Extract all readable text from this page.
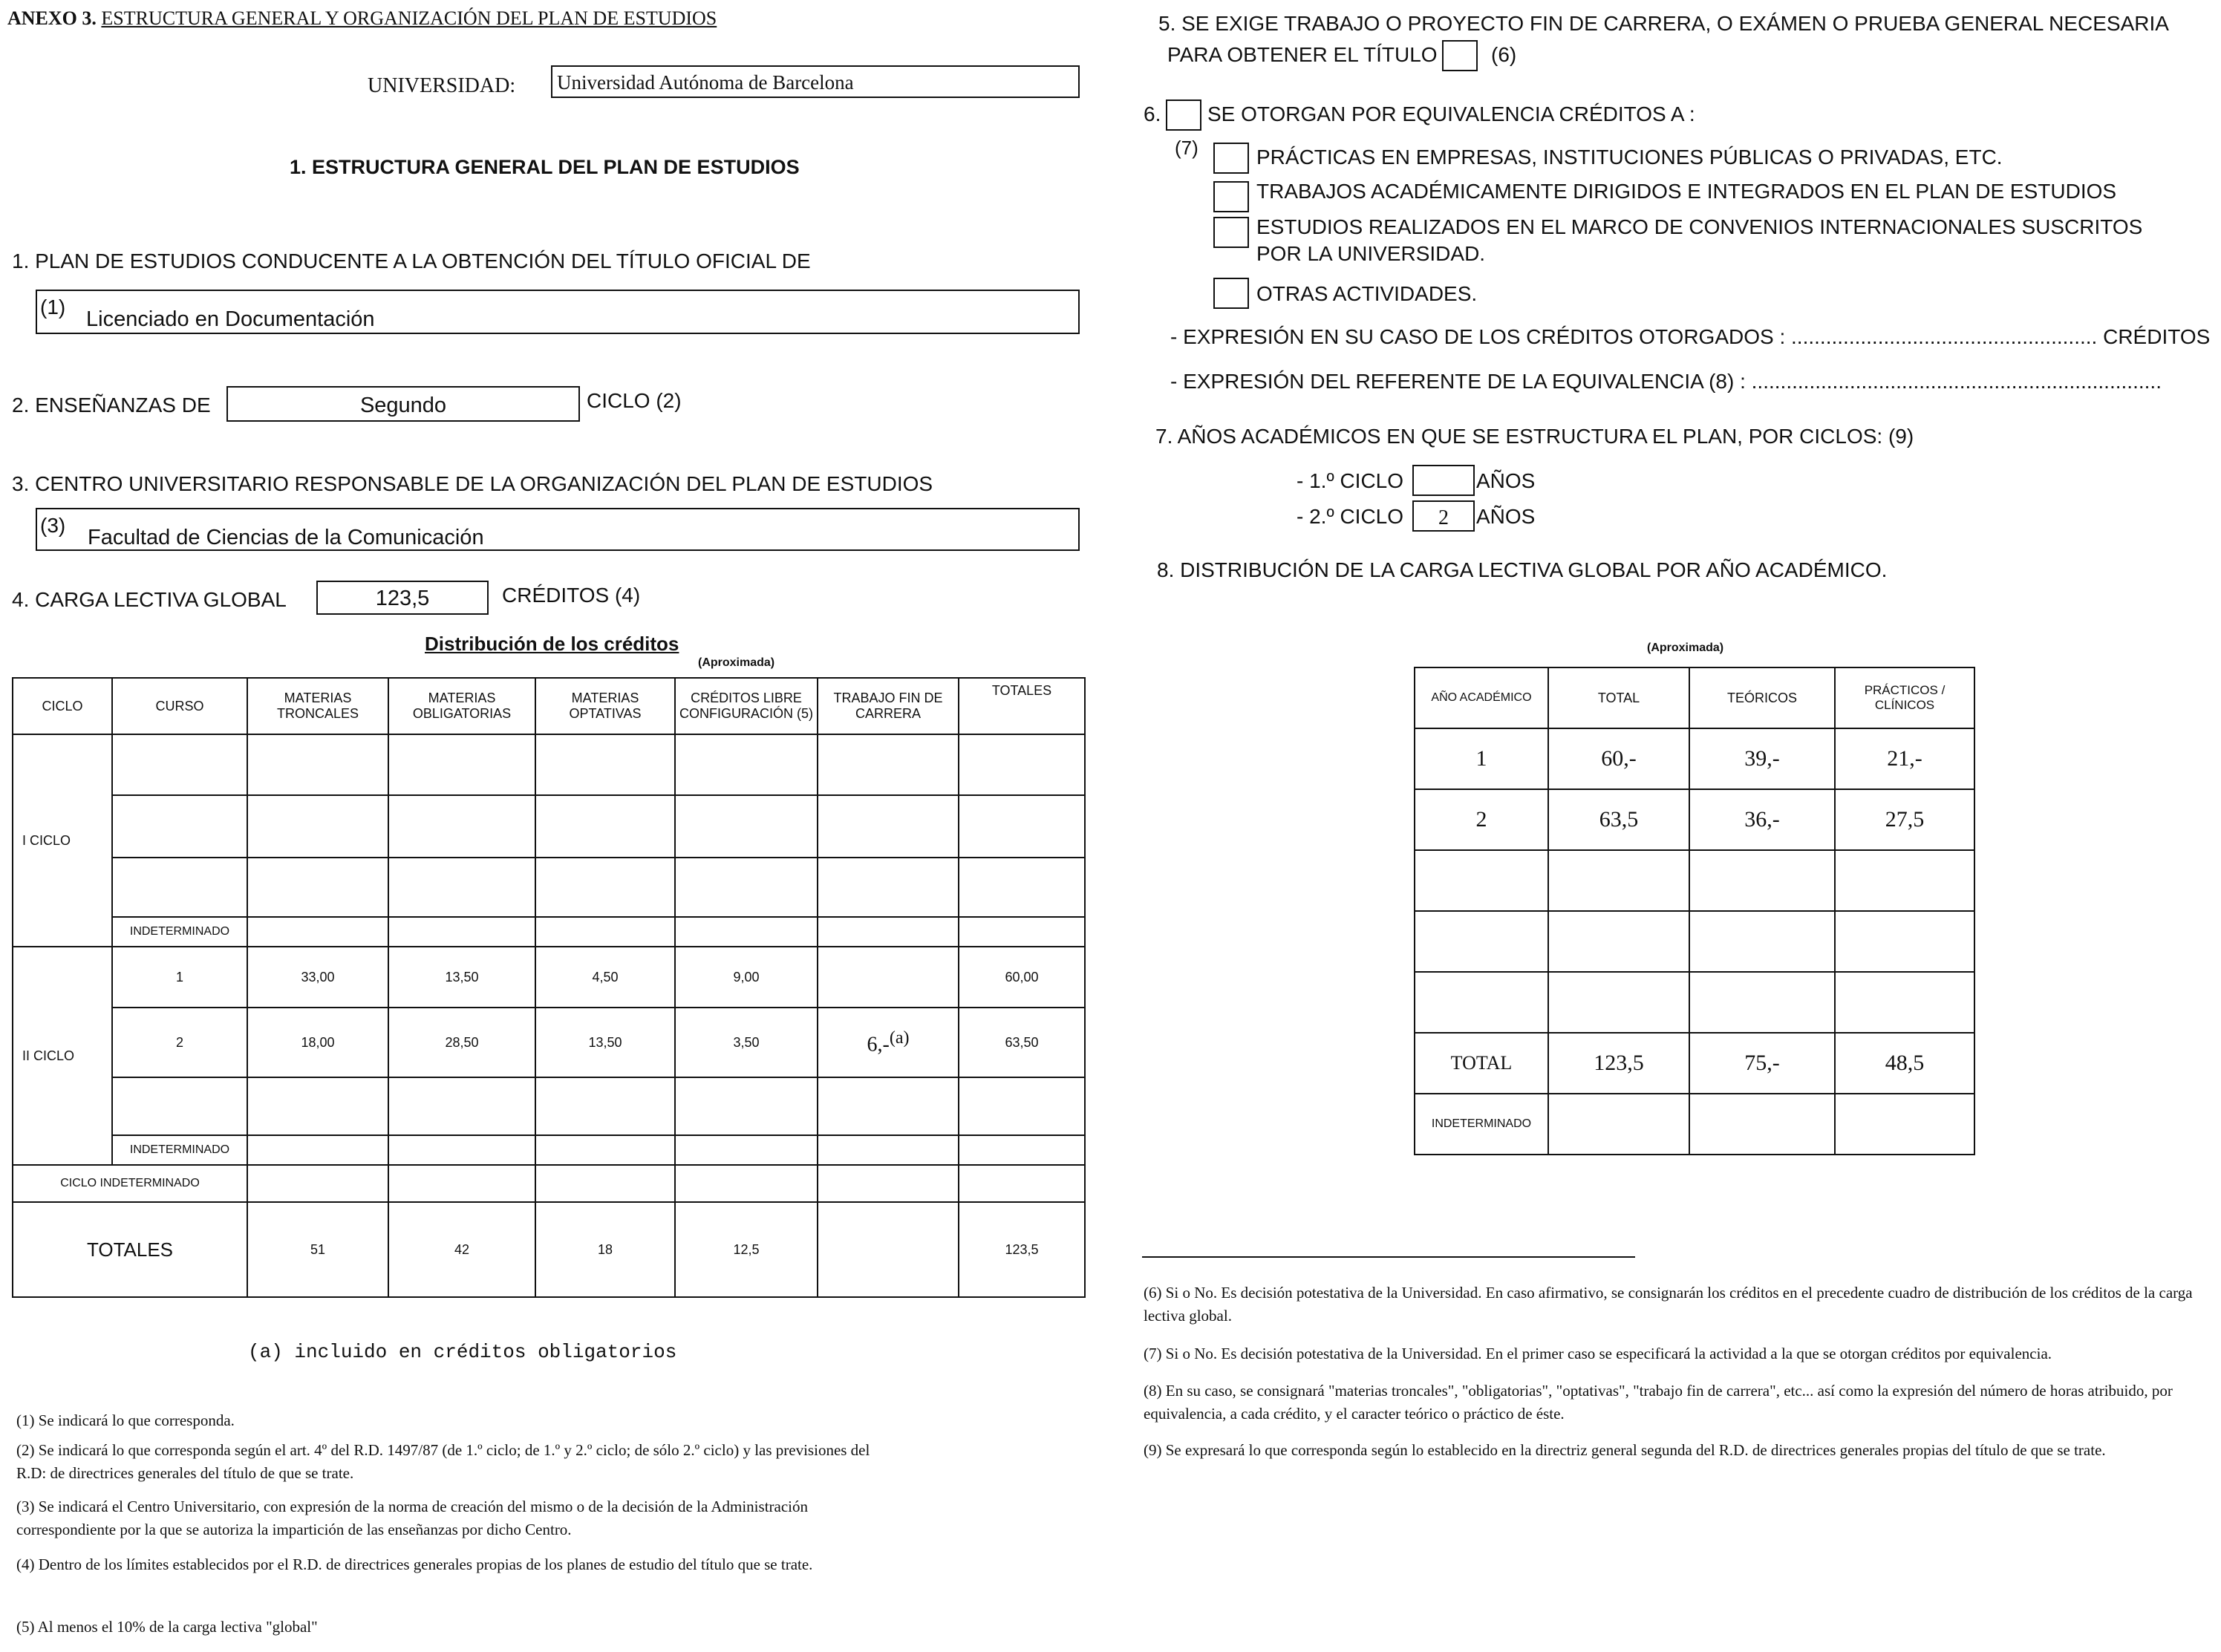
ANEXO 3. ESTRUCTURA GENERAL Y ORGANIZACIÓN DEL PLAN DE ESTUDIOS
UNIVERSIDAD: Universidad Autónoma de Barcelona
1. ESTRUCTURA GENERAL DEL PLAN DE ESTUDIOS
1. PLAN DE ESTUDIOS CONDUCENTE A LA OBTENCIÓN DEL TÍTULO OFICIAL DE
(1)
Licenciado en Documentación
2. ENSEÑANZAS DE	Segundo	CICLO (2)
3. CENTRO UNIVERSITARIO RESPONSABLE DE LA ORGANIZACIÓN DEL PLAN DE ESTUDIOS
(3)
Facultad de Ciencias de la Comunicación
4. CARGA LECTIVA GLOBAL	123,5	CRÉDITOS (4)
Distribución de los créditos
(Aproximada)
CICLO	CURSO	MATERIAS TRONCALES	MATERIAS OBLIGATORIAS	MATERIAS OPTATIVAS	CRÉDITOS LIBRE CONFIGURACIÓN (5)	TRABAJO FIN DE CARRERA	TOTALES
I CICLO							

	INDETERMINADO						
II CICLO	1	33,00	13,50	4,50	9,00		60,00
	2	18,00	28,50	13,50	3,50	6,-$^{(a)}$	63,50

	INDETERMINADO						
CICLO INDETERMINADO							
TOTALES		51	42	18	12,5		123,5
(a) incluido en créditos obligatorios
(1) Se indicará lo que corresponda.
(2) Se indicará lo que corresponda según el art. 4º del R.D. 1497/87 (de 1.º ciclo; de 1.º y 2.º ciclo; de sólo 2.º ciclo) y las previsiones del R.D: de directrices generales del título de que se trate.
(3) Se indicará el Centro Universitario, con expresión de la norma de creación del mismo o de la decisión de la Administración correspondiente por la que se autoriza la impartición de las enseñanzas por dicho Centro.
(4) Dentro de los límites establecidos por el R.D. de directrices generales propias de los planes de estudio del título que se trate.
(5) Al menos el 10% de la carga lectiva "global"
5. SE EXIGE TRABAJO O PROYECTO FIN DE CARRERA, O EXÁMEN O PRUEBA GENERAL NECESARIA
PARA OBTENER EL TÍTULO	(6)
6. SE OTORGAN POR EQUIVALENCIA CRÉDITOS A :
(7)	PRÁCTICAS EN EMPRESAS, INSTITUCIONES PÚBLICAS O PRIVADAS, ETC.
TRABAJOS ACADÉMICAMENTE DIRIGIDOS E INTEGRADOS EN EL PLAN DE ESTUDIOS
ESTUDIOS REALIZADOS EN EL MARCO DE CONVENIOS INTERNACIONALES SUSCRITOS
POR LA UNIVERSIDAD.
OTRAS ACTIVIDADES.
- EXPRESIÓN EN SU CASO DE LOS CRÉDITOS OTORGADOS : ..................................................... CRÉDITOS
- EXPRESIÓN DEL REFERENTE DE LA EQUIVALENCIA (8) : .......................................................................
7. AÑOS ACADÉMICOS EN QUE SE ESTRUCTURA EL PLAN, POR CICLOS: (9)
- 1.º CICLO	AÑOS
- 2.º CICLO	2	AÑOS
8. DISTRIBUCIÓN DE LA CARGA LECTIVA GLOBAL POR AÑO ACADÉMICO.
(Aproximada)
AÑO ACADÉMICO	TOTAL	TEÓRICOS	PRÁCTICOS / CLÍNICOS
1	60,-	39,-	21,-
2	63,5	36,-	27,5

TOTAL	123,5	75,-	48,5
INDETERMINADO			
(6) Si o No. Es decisión potestativa de la Universidad. En caso afirmativo, se consignarán los créditos en el precedente cuadro de distribución de los créditos de la carga lectiva global.
(7) Si o No. Es decisión potestativa de la Universidad. En el primer caso se especificará la actividad a la que se otorgan créditos por equivalencia.
(8) En su caso, se consignará "materias troncales", "obligatorias", "optativas", "trabajo fin de carrera", etc... así como la expresión del número de horas atribuido, por equivalencia, a cada crédito, y el caracter teórico o práctico de éste.
(9) Se expresará lo que corresponda según lo establecido en la directriz general segunda del R.D. de directrices generales propias del título de que se trate.
